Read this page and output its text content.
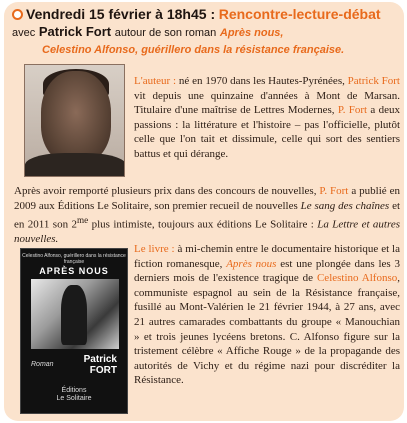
Vendredi 15 février à 18h45 : Rencontre-lecture-débat avec Patrick Fort autour de son roman Après nous,
Celestino Alfonso, guérillero dans la résistance française.

L'auteur : né en 1970 dans les Hautes-Pyrénées, Patrick Fort vit depuis une quinzaine d'années à Mont de Marsan. Titulaire d'une maîtrise de Lettres Modernes, P. Fort a deux passions : la littérature et l'histoire – pas l'officielle, plutôt celle que l'on tait et dissimule, celle qui sort des sentiers battus et qui dérange.

Après avoir remporté plusieurs prix dans des concours de nouvelles, P. Fort a publié en 2009 aux Éditions Le Solitaire, son premier recueil de nouvelles Le sang des chaînes et en 2011 son $2^{me}$ plus intimiste, toujours aux éditions Le Solitaire : La Lettre et autres nouvelles.

Celestino Alfonso, guérillero dans la résistance française
APRÈS NOUS
Roman	Patrick
FORT
Éditions
Le Solitaire

Le livre : à mi-chemin entre le documentaire historique et la fiction romanesque, Après nous est une plongée dans les 3 derniers mois de l'existence tragique de Celestino Alfonso, communiste espagnol au sein de la Résistance française, fusillé au Mont-Valérien le 21 février 1944, à 27 ans, avec 21 autres camarades combattants du groupe « Manouchian » et trois jeunes lycéens bretons. C. Alfonso figure sur la tristement célèbre « Affiche Rouge » de la propagande des autorités de Vichy et du régime nazi pour discréditer la Résistance.
